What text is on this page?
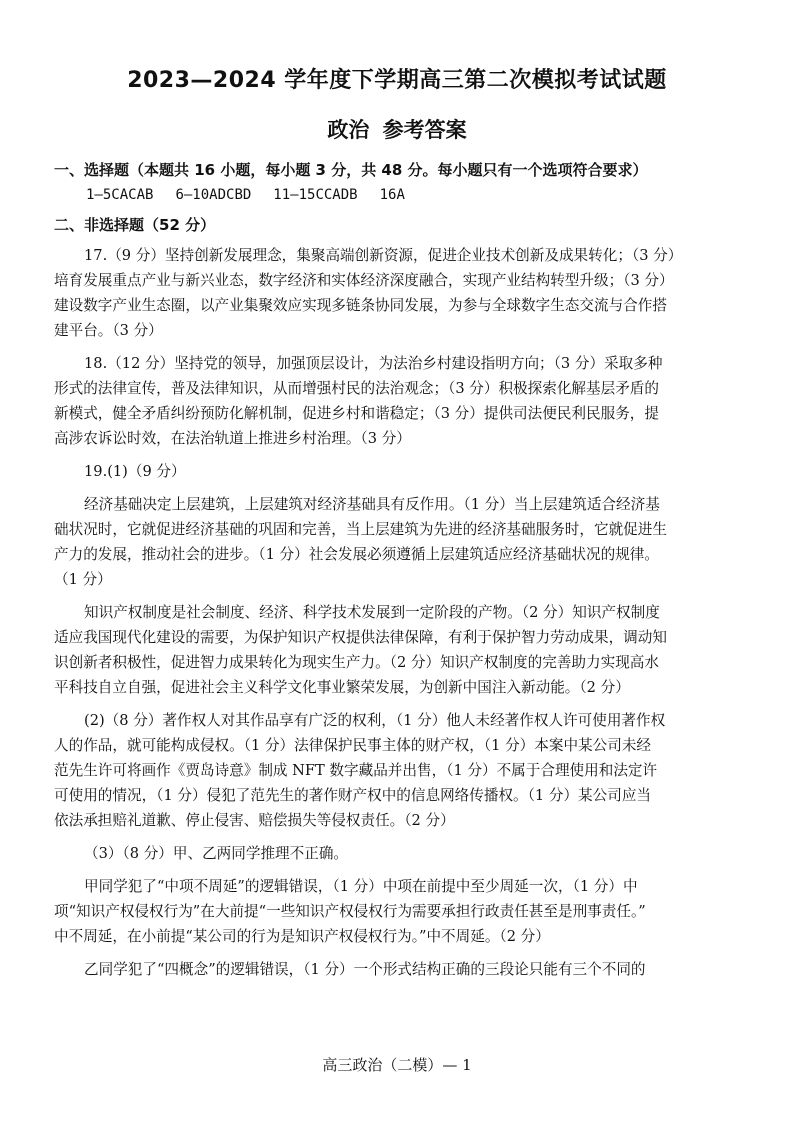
2023—2024 学年度下学期高三第二次模拟考试试题
政治 参考答案
一、选择题（本题共 16 小题，每小题 3 分，共 48 分。每小题只有一个选项符合要求）
1—5CACAB 6—10ADCBD 11—15CCADB 16A
二、非选择题（52 分）
17.（9 分）坚持创新发展理念，集聚高端创新资源，促进企业技术创新及成果转化；（3 分）
培育发展重点产业与新兴业态，数字经济和实体经济深度融合，实现产业结构转型升级；（3 分）
建设数字产业生态圈，以产业集聚效应实现多链条协同发展，为参与全球数字生态交流与合作搭
建平台。（3 分）
18.（12 分）坚持党的领导，加强顶层设计，为法治乡村建设指明方向；（3 分）采取多种
形式的法律宣传，普及法律知识，从而增强村民的法治观念；（3 分）积极探索化解基层矛盾的
新模式，健全矛盾纠纷预防化解机制，促进乡村和谐稳定；（3 分）提供司法便民利民服务，提
高涉农诉讼时效，在法治轨道上推进乡村治理。（3 分）
19.(1)（9 分）
经济基础决定上层建筑，上层建筑对经济基础具有反作用。（1 分）当上层建筑适合经济基
础状况时，它就促进经济基础的巩固和完善，当上层建筑为先进的经济基础服务时，它就促进生
产力的发展，推动社会的进步。（1 分）社会发展必须遵循上层建筑适应经济基础状况的规律。
（1 分）
知识产权制度是社会制度、经济、科学技术发展到一定阶段的产物。（2 分）知识产权制度
适应我国现代化建设的需要，为保护知识产权提供法律保障，有利于保护智力劳动成果，调动知
识创新者积极性，促进智力成果转化为现实生产力。（2 分）知识产权制度的完善助力实现高水
平科技自立自强，促进社会主义科学文化事业繁荣发展，为创新中国注入新动能。（2 分）
(2)（8 分）著作权人对其作品享有广泛的权利，（1 分）他人未经著作权人许可使用著作权
人的作品，就可能构成侵权。（1 分）法律保护民事主体的财产权，（1 分）本案中某公司未经
范先生许可将画作《贾岛诗意》制成 NFT 数字藏品并出售，（1 分）不属于合理使用和法定许
可使用的情况，（1 分）侵犯了范先生的著作财产权中的信息网络传播权。（1 分）某公司应当
依法承担赔礼道歉、停止侵害、赔偿损失等侵权责任。（2 分）
（3）（8 分）甲、乙两同学推理不正确。
甲同学犯了“中项不周延”的逻辑错误，（1 分）中项在前提中至少周延一次，（1 分）中
项“知识产权侵权行为”在大前提“一些知识产权侵权行为需要承担行政责任甚至是刑事责任。”
中不周延，在小前提“某公司的行为是知识产权侵权行为。”中不周延。（2 分）
乙同学犯了“四概念”的逻辑错误，（1 分）一个形式结构正确的三段论只能有三个不同的
高三政治（二模）— 1
